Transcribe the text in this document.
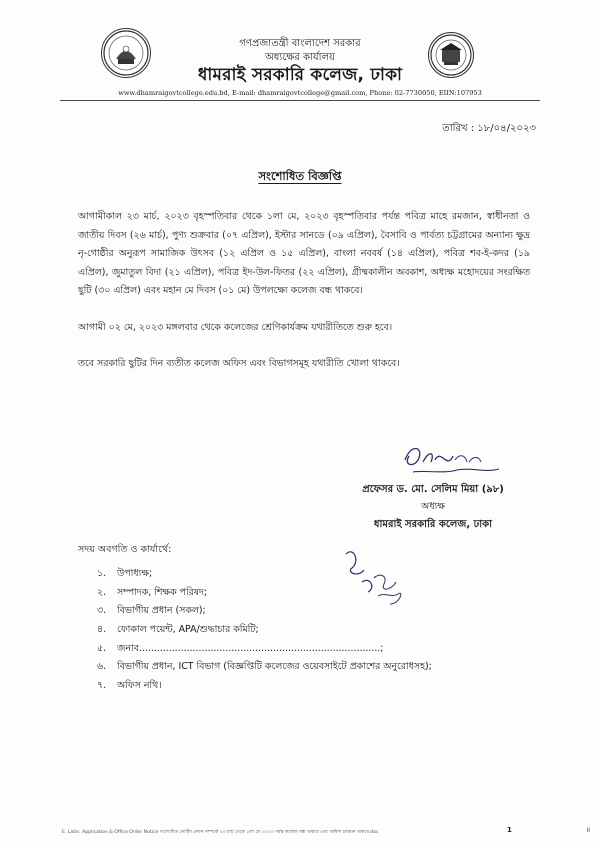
গণপ্রজাতন্ত্রী বাংলাদেশ সরকার
অধ্যক্ষের কার্যালয়
ধামরাই সরকারি কলেজ, ঢাকা
www.dhamraigovtcollege.edu.bd, E-mail: dhamraigovtcollege@gmail.com, Phone: 02-7730050, EIIN:107953
তারিখ : ১৮/০৪/২০২৩
সংশোধিত বিজ্ঞপ্তি
আগামীকাল ২৩ মার্চ, ২০২৩ বৃহস্পতিবার থেকে ১লা মে, ২০২৩ বৃহস্পতিবার পর্যন্ত পবিত্র মাহে রমজান, স্বাধীনতা ও জাতীয় দিবস (২৬ মার্চ), পুণ্য শুক্রবার (০৭ এপ্রিল), ইস্টার সানডে (০৯ এপ্রিল), বৈসাবি ও পার্বত্য চট্টগ্রামের অন্যান্য ক্ষুদ্র নৃ-গোষ্ঠীর অনুরূপ সামাজিক উৎসব (১২ এপ্রিল ও ১৫ এপ্রিল), বাংলা নববর্ষ (১৪ এপ্রিল), পবিত্র শব-ই-কদর (১৯ এপ্রিল), জুমাতুল বিদা (২১ এপ্রিল), পবিত্র ইদ-উল-ফিতর (২২ এপ্রিল), গ্রীষ্মকালীন অবকাশ, অধ্যক্ষ মহোদয়ের সংরক্ষিত ছুটি (৩০ এপ্রিল) এবং মহান মে দিবস (০১ মে) উপলক্ষ্যে কলেজ বন্ধ থাকবে।
আগামী ০২ মে, ২০২৩ মঙ্গলবার থেকে কলেজের শ্রেণিকার্যক্রম যথারীতিতে শুরু হবে।
তবে সরকারি ছুটির দিন ব্যতীত কলেজ অফিস এবং বিভাগসমূহ যথারীতি খোলা থাকবে।
প্রফেসর ড. মো. সেলিম মিয়া (৯৮)
অধ্যক্ষ
ধামরাই সরকারি কলেজ, ঢাকা
সদয় অবগতি ও কার্যার্থে:
১. উপাধ্যক্ষ;
২. সম্পাদক, শিক্ষক পরিষদ;
৩. বিভাগীয় প্রধান (সকল);
৪. ফোকাল পয়েন্ট, APA/শুদ্ধাচার কমিটি;
৫. জনাব.................................................................................;
৬. বিভাগীয় প্রধান, ICT বিভাগ (বিজ্ঞপ্তিটি কলেজের ওয়েবসাইটে প্রকাশের অনুরোধসহ);
৭. অফিস নথি।
E. Latin. Application & Office Order Notice সংশোধিত নোটিশ প্রদান সম্পর্কে ২৩ মার্চ থেকে ১লা মে ২০২৩ পর্যন্ত কলেজ বন্ধ থাকবে এবং অফিস চলমান থাকবে.doc	1	॥
